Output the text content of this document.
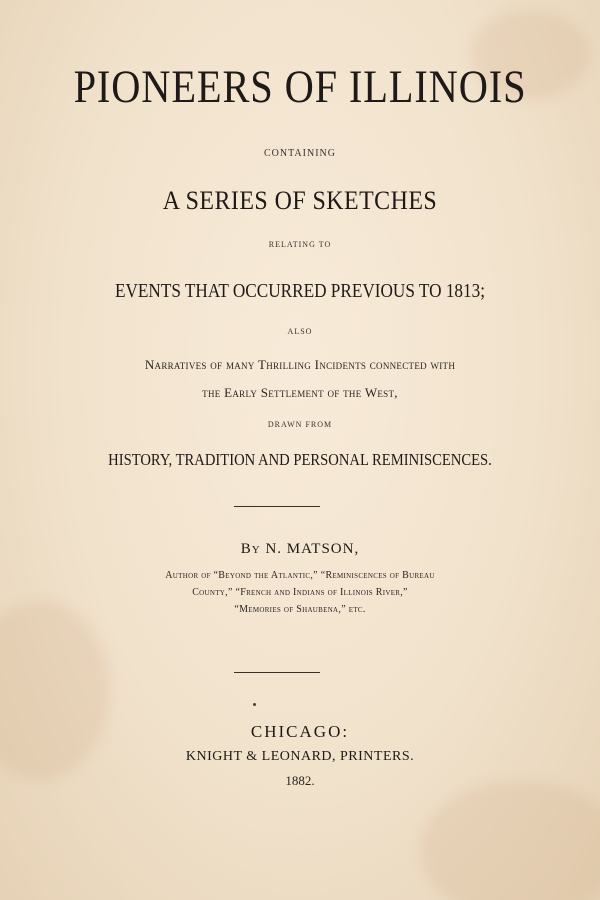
PIONEERS OF ILLINOIS
CONTAINING
A SERIES OF SKETCHES
RELATING TO
EVENTS THAT OCCURRED PREVIOUS TO 1813;
ALSO
Narratives of many Thrilling Incidents connected with
the Early Settlement of the West,
DRAWN FROM
HISTORY, TRADITION AND PERSONAL REMINISCENCES.
By N. MATSON,
Author of “Beyond the Atlantic,” “Reminiscences of Bureau
County,” “French and Indians of Illinois River,”
“Memories of Shaubena,” etc.
CHICAGO:
KNIGHT & LEONARD, PRINTERS.
1882.
